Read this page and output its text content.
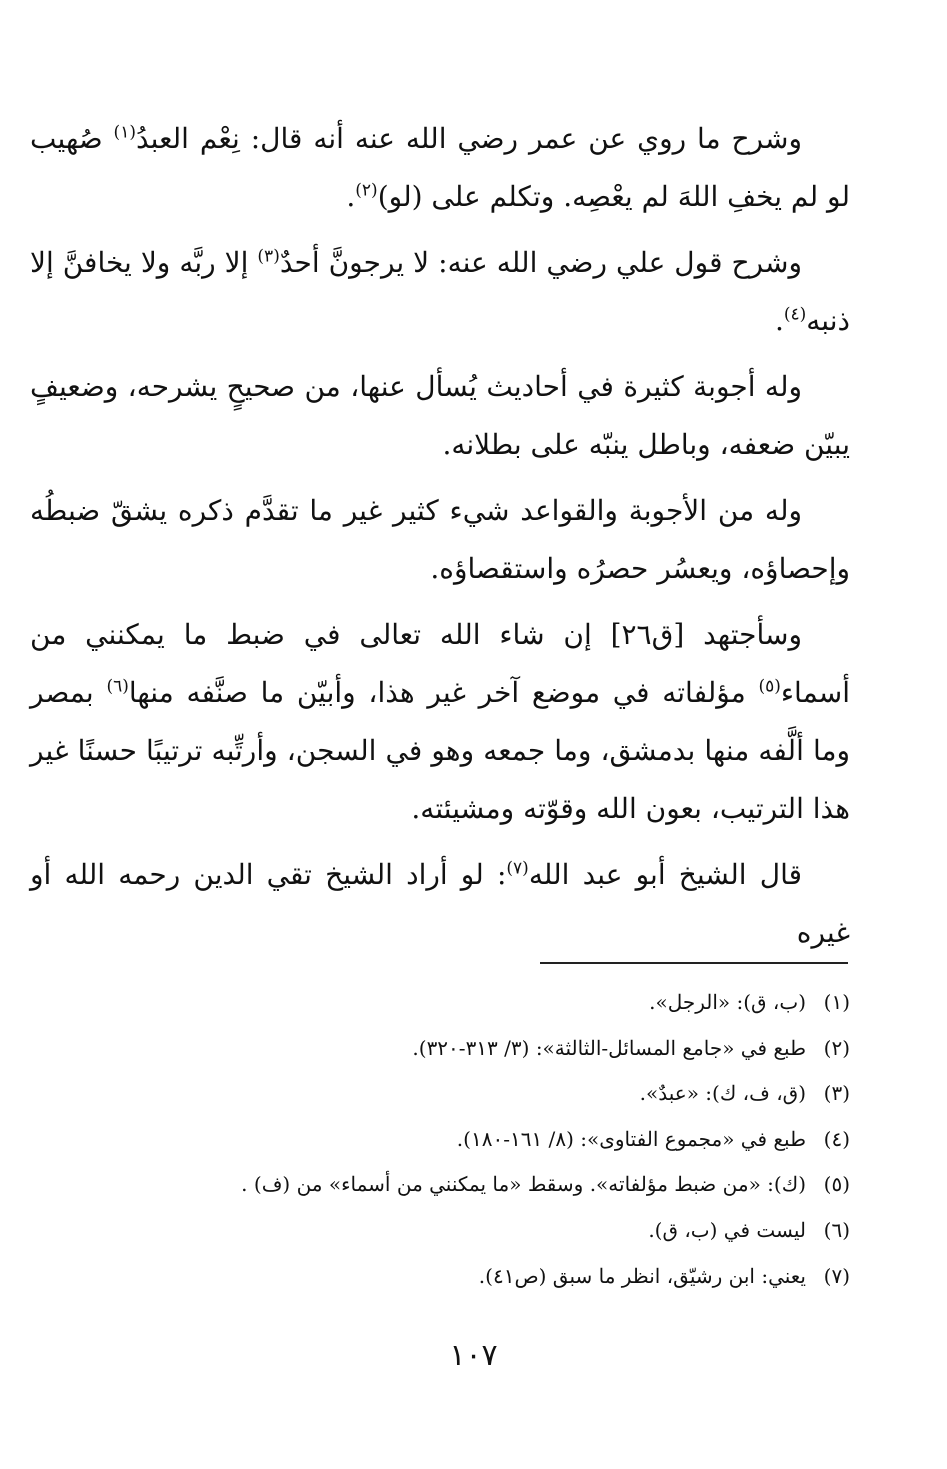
وشرح ما روي عن عمر رضي الله عنه أنه قال: نِعْم العبدُ$^{(١)}$ صُهيب لو لم يخفِ اللهَ لم يعْصِه. وتكلم على (لو)$^{(٢)}$.

وشرح قول علي رضي الله عنه: لا يرجونَّ أحدٌ$^{(٣)}$ إلا ربَّه ولا يخافنَّ إلا ذنبه$^{(٤)}$.

وله أجوبة كثيرة في أحاديث يُسأل عنها، من صحيحٍ يشرحه، وضعيفٍ يبيّن ضعفه، وباطل ينبّه على بطلانه.

وله من الأجوبة والقواعد شيء كثير غير ما تقدَّم ذكره يشقّ ضبطُه وإحصاؤه، ويعسُر حصرُه واستقصاؤه.

وسأجتهد [ق٢٦] إن شاء الله تعالى في ضبط ما يمكنني من أسماء$^{(٥)}$ مؤلفاته في موضع آخر غير هذا، وأبيّن ما صنَّفه منها$^{(٦)}$ بمصر وما ألَّفه منها بدمشق، وما جمعه وهو في السجن، وأرتِّبه ترتيبًا حسنًا غير هذا الترتيب، بعون الله وقوّته ومشيئته.

قال الشيخ أبو عبد الله$^{(٧)}$: لو أراد الشيخ تقي الدين رحمه الله أو غيره

(١)(ب، ق): «الرجل».
(٢)طبع في «جامع المسائل-الثالثة»: (٣/ ٣١٣-٣٢٠).
(٣)(ق، ف، ك): «عبدٌ».
(٤)طبع في «مجموع الفتاوى»: (٨/ ١٦١-١٨٠).
(٥)(ك): «من ضبط مؤلفاته». وسقط «ما يمكنني من أسماء» من (ف) .
(٦)ليست في (ب، ق).
(٧)يعني: ابن رشيّق، انظر ما سبق (ص٤١).
١٠٧
